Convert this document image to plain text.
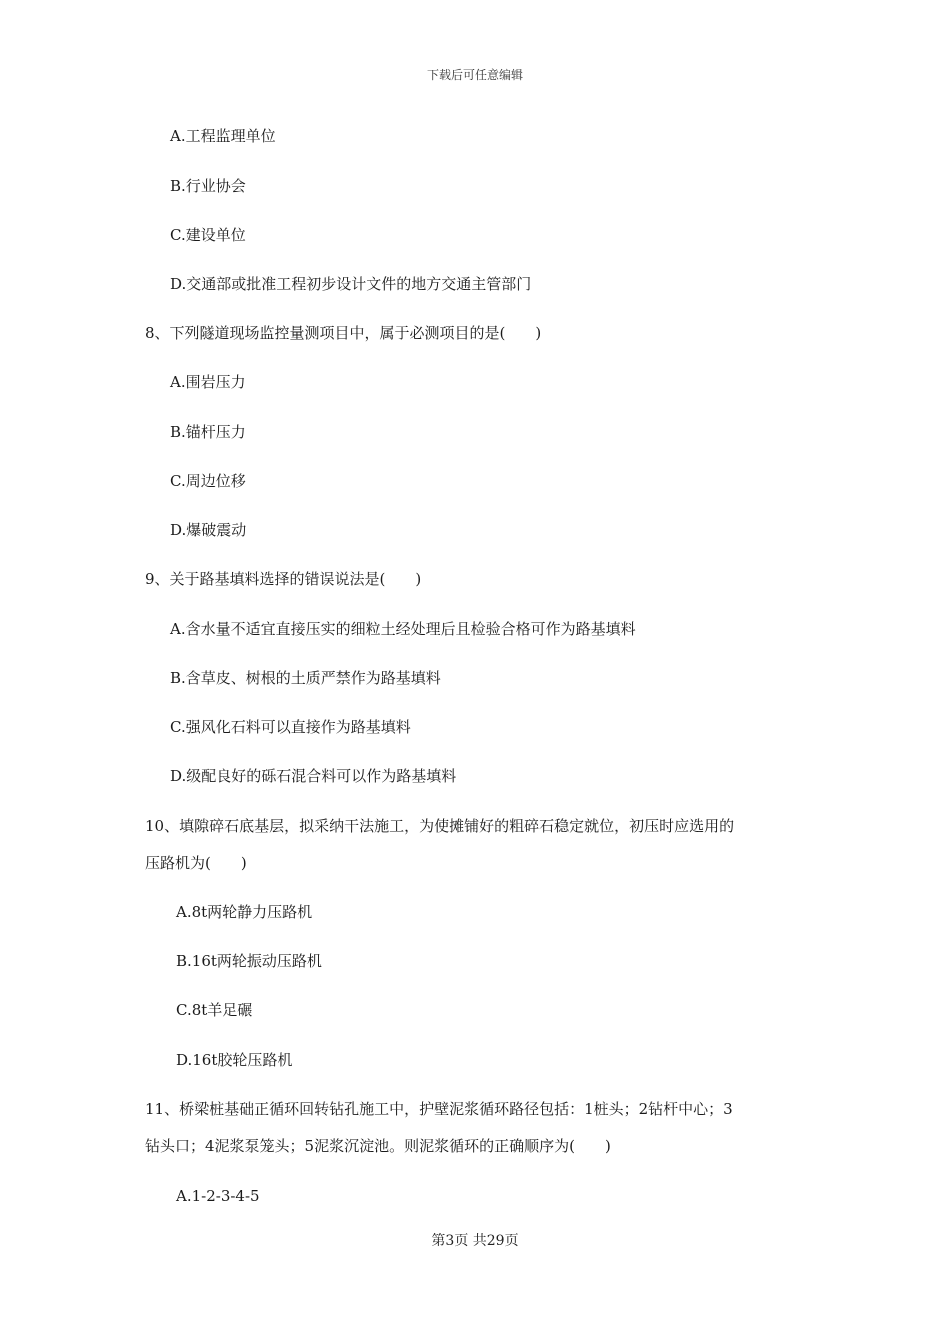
下载后可任意编辑
A.工程监理单位
B.行业协会
C.建设单位
D.交通部或批准工程初步设计文件的地方交通主管部门
8、下列隧道现场监控量测项目中，属于必测项目的是(　　)
A.围岩压力
B.锚杆压力
C.周边位移
D.爆破震动
9、关于路基填料选择的错误说法是(　　)
A.含水量不适宜直接压实的细粒土经处理后且检验合格可作为路基填料
B.含草皮、树根的土质严禁作为路基填料
C.强风化石料可以直接作为路基填料
D.级配良好的砾石混合料可以作为路基填料
10、填隙碎石底基层，拟采纳干法施工，为使摊铺好的粗碎石稳定就位，初压时应选用的
压路机为(　　)
A.8t两轮静力压路机
B.16t两轮振动压路机
C.8t羊足碾
D.16t胶轮压路机
11、桥梁桩基础正循环回转钻孔施工中，护壁泥浆循环路径包括：1桩头；2钻杆中心；3
钻头口；4泥浆泵笼头；5泥浆沉淀池。则泥浆循环的正确顺序为(　　)
A.1-2-3-4-5
第3页 共29页
